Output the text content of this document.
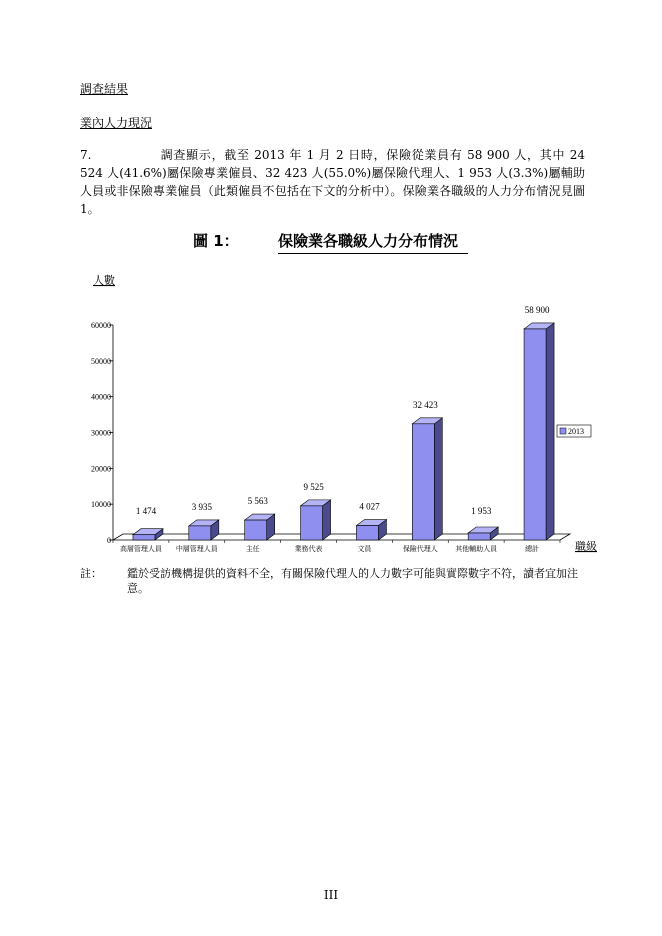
調查結果
業內人力現況
7.	調查顯示，截至 2013 年 1 月 2 日時，保險從業員有 58 900 人，其中 24 524 人(41.6%)屬保險專業僱員、32 423 人(55.0%)屬保險代理人、1 953 人(3.3%)屬輔助人員或非保險專業僱員（此類僱員不包括在下文的分析中）。保險業各職級的人力分布情況見圖 1。
圖 1：	保險業各職級人力分布情況
0
10000
20000
30000
40000
50000
60000
人數
職級
1 474
高層管理人員
3 935
中層管理人員
5 563
主任
9 525
業務代表
4 027
文員
32 423
保險代理人
1 953
其他輔助人員
58 900
總計
2013
註： 鑑於受訪機構提供的資料不全，有關保險代理人的人力數字可能與實際數字不符，讀者宜加注意。
III
